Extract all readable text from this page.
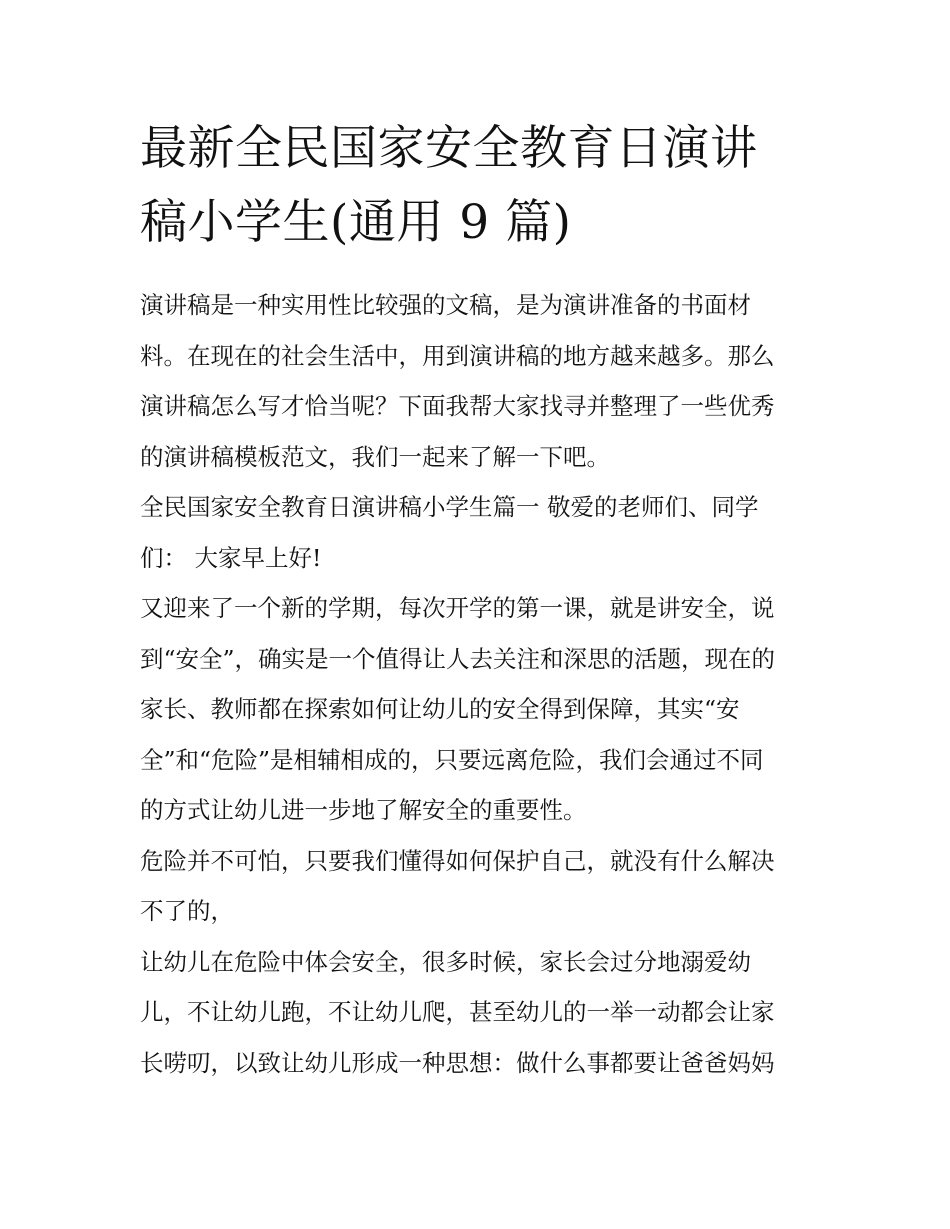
最新全民国家安全教育日演讲
稿小学生(通用 9 篇)

演讲稿是一种实用性比较强的文稿，是为演讲准备的书面材
料。在现在的社会生活中，用到演讲稿的地方越来越多。那么
演讲稿怎么写才恰当呢？下面我帮大家找寻并整理了一些优秀
的演讲稿模板范文，我们一起来了解一下吧。

全民国家安全教育日演讲稿小学生篇一 敬爱的老师们、同学
们： 大家早上好!

又迎来了一个新的学期，每次开学的第一课，就是讲安全，说
到“安全”，确实是一个值得让人去关注和深思的活题，现在的
家长、教师都在探索如何让幼儿的安全得到保障，其实“安
全”和“危险”是相辅相成的，只要远离危险，我们会通过不同
的方式让幼儿进一步地了解安全的重要性。

危险并不可怕，只要我们懂得如何保护自己，就没有什么解决
不了的，

让幼儿在危险中体会安全，很多时候，家长会过分地溺爱幼
儿，不让幼儿跑，不让幼儿爬，甚至幼儿的一举一动都会让家
长唠叨，以致让幼儿形成一种思想：做什么事都要让爸爸妈妈
